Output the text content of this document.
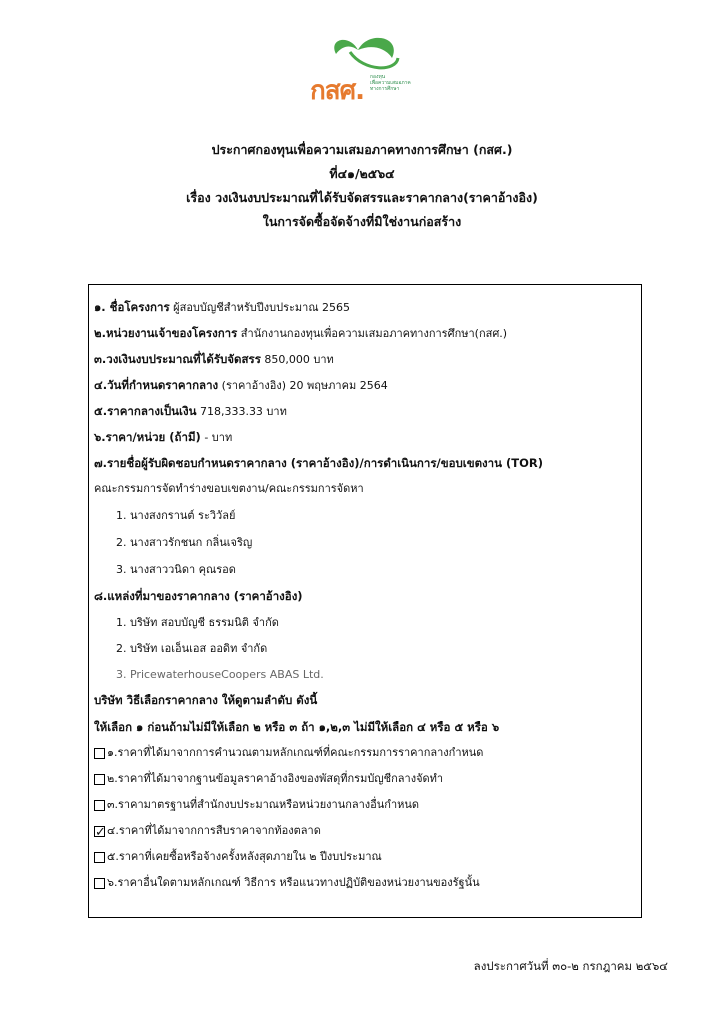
กสศ. กองทุน
เพื่อความเสมอภาค
ทางการศึกษา
ประกาศกองทุนเพื่อความเสมอภาคทางการศึกษา (กสศ.)
ที่๔๑/๒๕๖๔
เรื่อง วงเงินงบประมาณที่ได้รับจัดสรรและราคากลาง(ราคาอ้างอิง)
ในการจัดซื้อจัดจ้างที่มิใช่งานก่อสร้าง
๑. ชื่อโครงการ ผู้สอบบัญชีสำหรับปีงบประมาณ 2565
๒.หน่วยงานเจ้าของโครงการ สำนักงานกองทุนเพื่อความเสมอภาคทางการศึกษา(กสศ.)
๓.วงเงินงบประมาณที่ได้รับจัดสรร 850,000 บาท
๔.วันที่กำหนดราคากลาง (ราคาอ้างอิง) 20 พฤษภาคม 2564
๕.ราคากลางเป็นเงิน 718,333.33 บาท
๖.ราคา/หน่วย (ถ้ามี) - บาท
๗.รายชื่อผู้รับผิดชอบกำหนดราคากลาง (ราคาอ้างอิง)/การดำเนินการ/ขอบเขตงาน (TOR)
คณะกรรมการจัดทำร่างขอบเขตงาน/คณะกรรมการจัดหา
1. นางสงกรานต์ ระวิวัลย์
2. นางสาวรักชนก กลิ่นเจริญ
3. นางสาววนิดา คุณรอด
๘.แหล่งที่มาของราคากลาง (ราคาอ้างอิง)
1. บริษัท สอบบัญชี ธรรมนิติ จำกัด
2. บริษัท เอเอ็นเอส ออดิท จำกัด
3. PricewaterhouseCoopers ABAS Ltd.
บริษัท วิธีเลือกราคากลาง ให้ดูตามลำดับ ดังนี้
ให้เลือก ๑ ก่อนถ้ามไม่มีให้เลือก ๒ หรือ ๓ ถ้า ๑,๒,๓ ไม่มีให้เลือก ๔ หรือ ๕ หรือ ๖
๑.ราคาที่ได้มาจากการคำนวณตามหลักเกณฑ์ที่คณะกรรมการราคากลางกำหนด
๒.ราคาที่ได้มาจากฐานข้อมูลราคาอ้างอิงของพัสดุที่กรมบัญชีกลางจัดทำ
๓.ราคามาตรฐานที่สำนักงบประมาณหรือหน่วยงานกลางอื่นกำหนด
✓
๔.ราคาที่ได้มาจากการสืบราคาจากท้องตลาด
๕.ราคาที่เคยซื้อหรือจ้างครั้งหลังสุดภายใน ๒ ปีงบประมาณ
๖.ราคาอื่นใดตามหลักเกณฑ์ วิธีการ หรือแนวทางปฏิบัติของหน่วยงานของรัฐนั้น
ลงประกาศวันที่ ๓๐-๒ กรกฎาคม ๒๕๖๔
